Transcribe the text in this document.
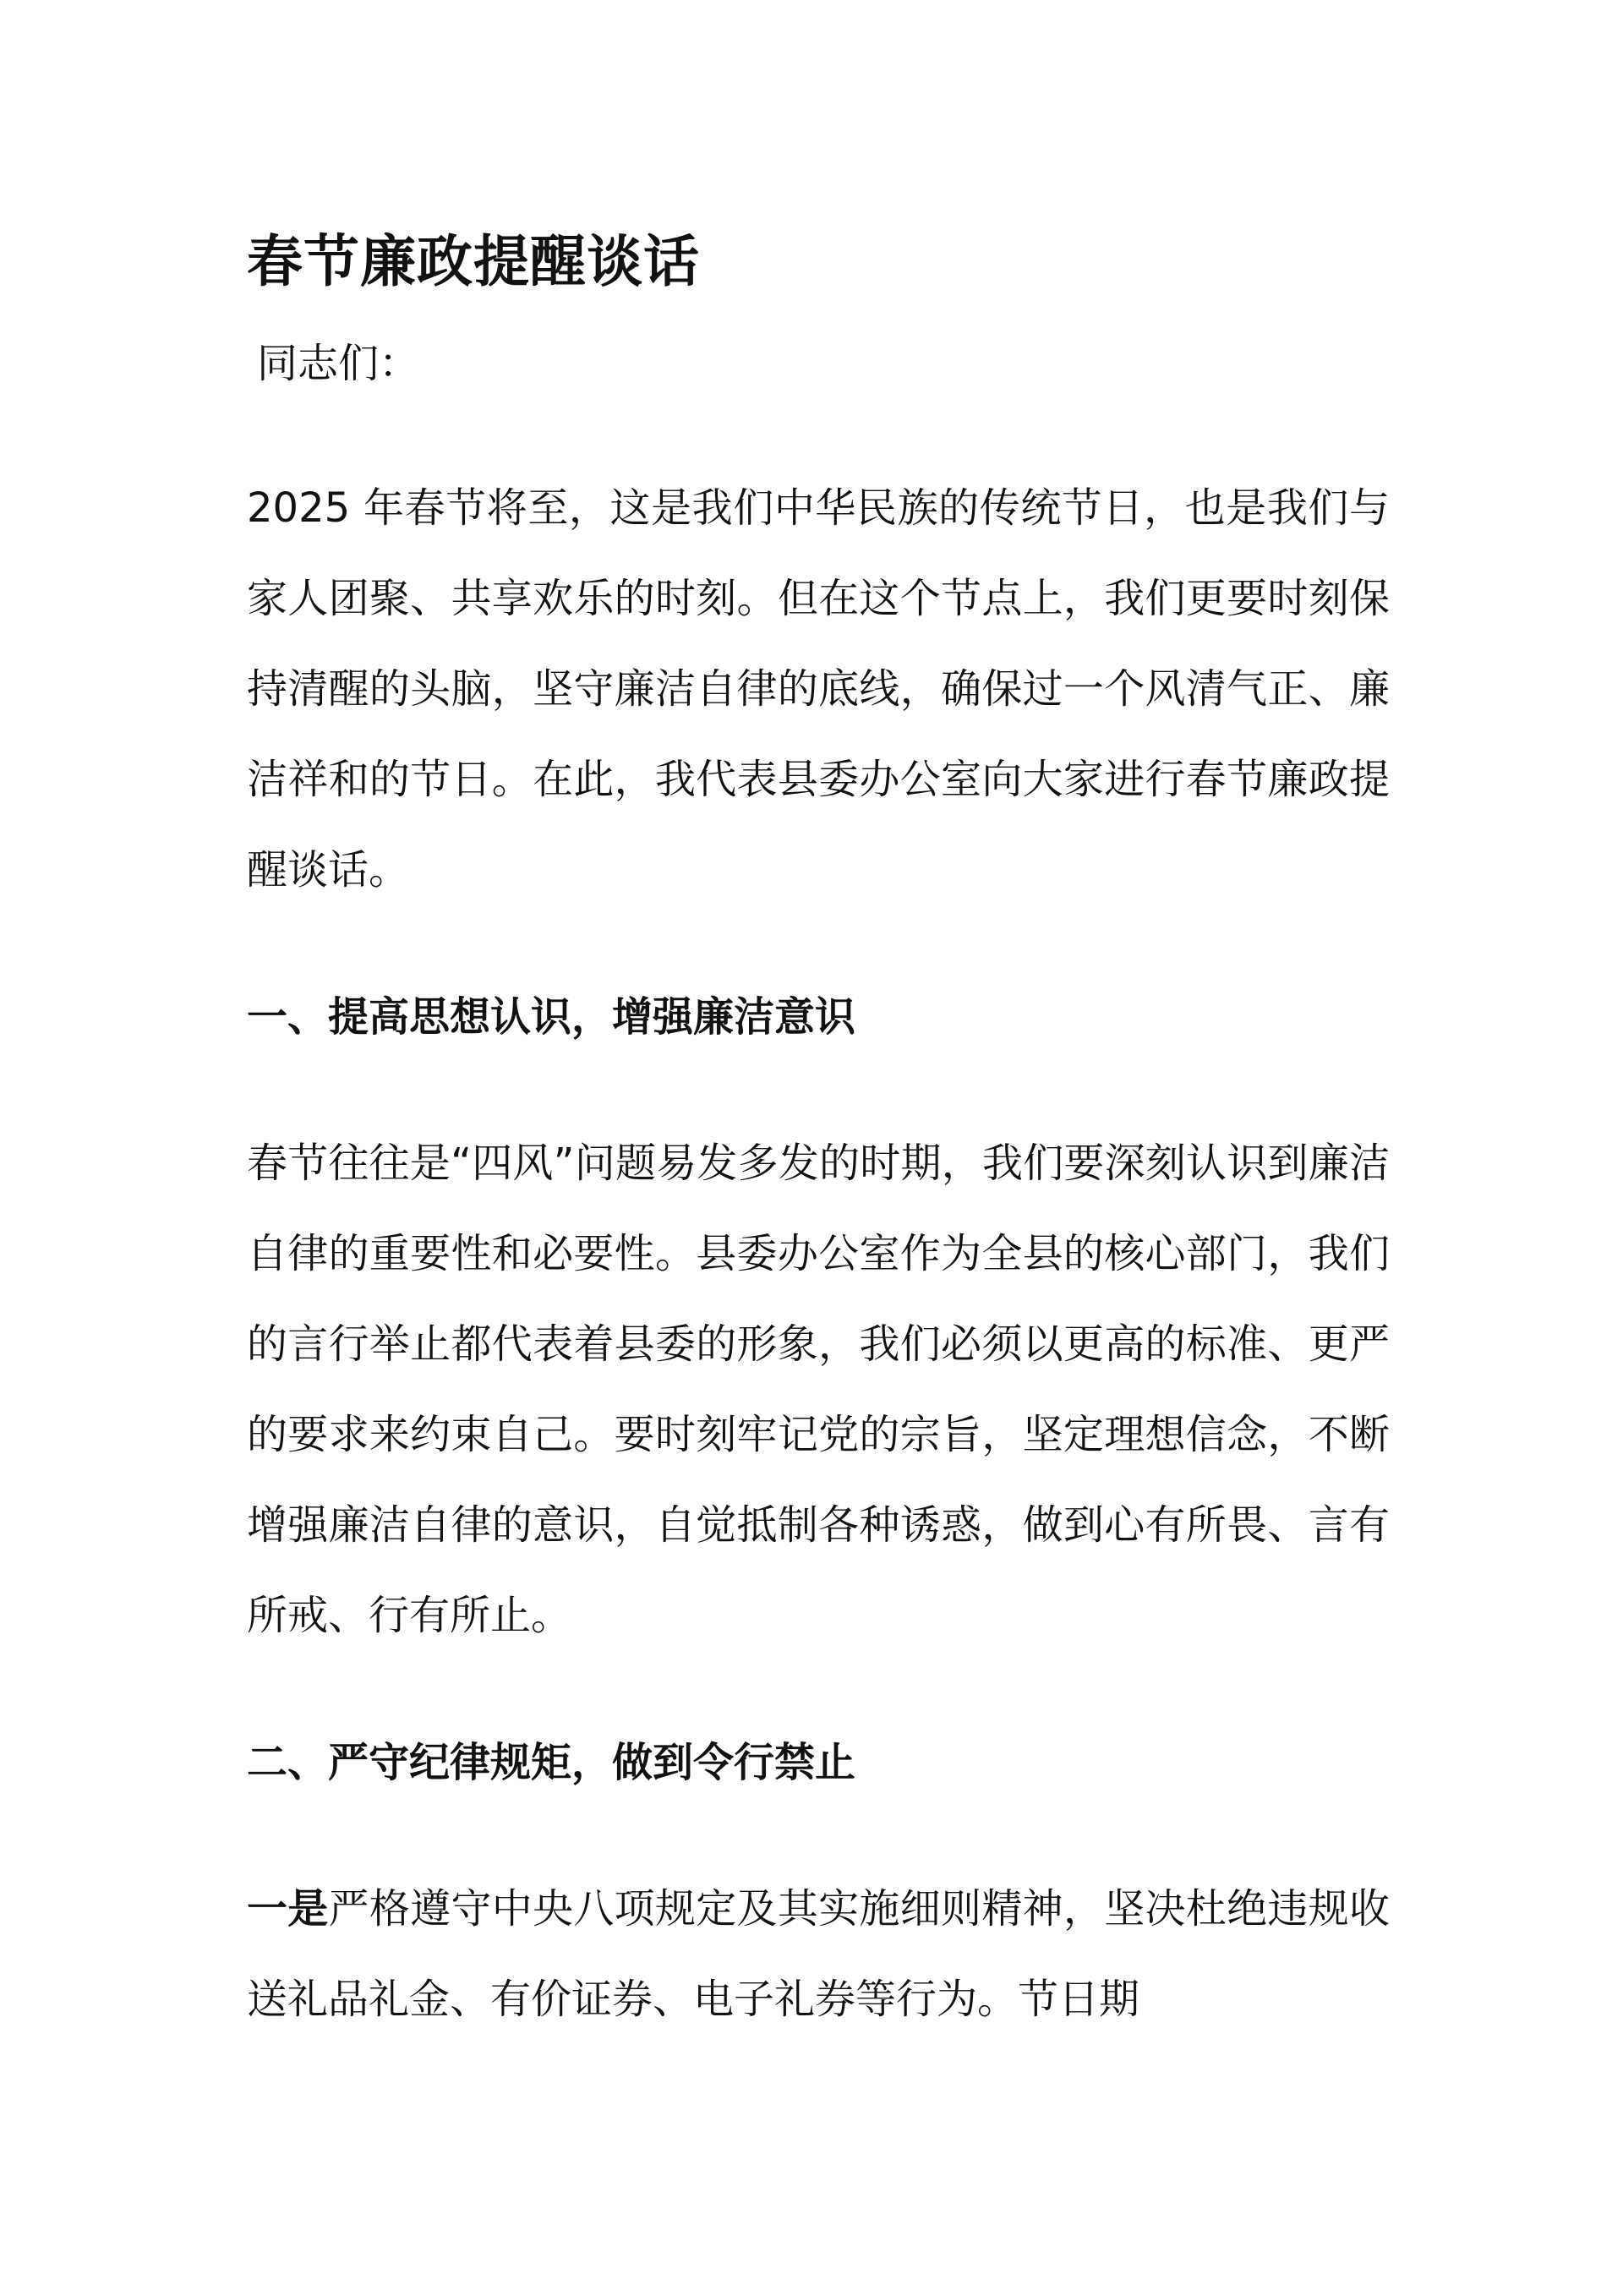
春节廉政提醒谈话

同志们：

2025 年春节将至，这是我们中华民族的传统节日，也是我们与家人团聚、共享欢乐的时刻。但在这个节点上，我们更要时刻保持清醒的头脑，坚守廉洁自律的底线，确保过一个风清气正、廉洁祥和的节日。在此，我代表县委办公室向大家进行春节廉政提醒谈话。

一、提高思想认识，增强廉洁意识

春节往往是“四风”问题易发多发的时期，我们要深刻认识到廉洁自律的重要性和必要性。县委办公室作为全县的核心部门，我们的言行举止都代表着县委的形象，我们必须以更高的标准、更严的要求来约束自己。要时刻牢记党的宗旨，坚定理想信念，不断增强廉洁自律的意识，自觉抵制各种诱惑，做到心有所畏、言有所戒、行有所止。

二、严守纪律规矩，做到令行禁止

一是严格遵守中央八项规定及其实施细则精神，坚决杜绝违规收送礼品礼金、有价证券、电子礼券等行为。节日期
